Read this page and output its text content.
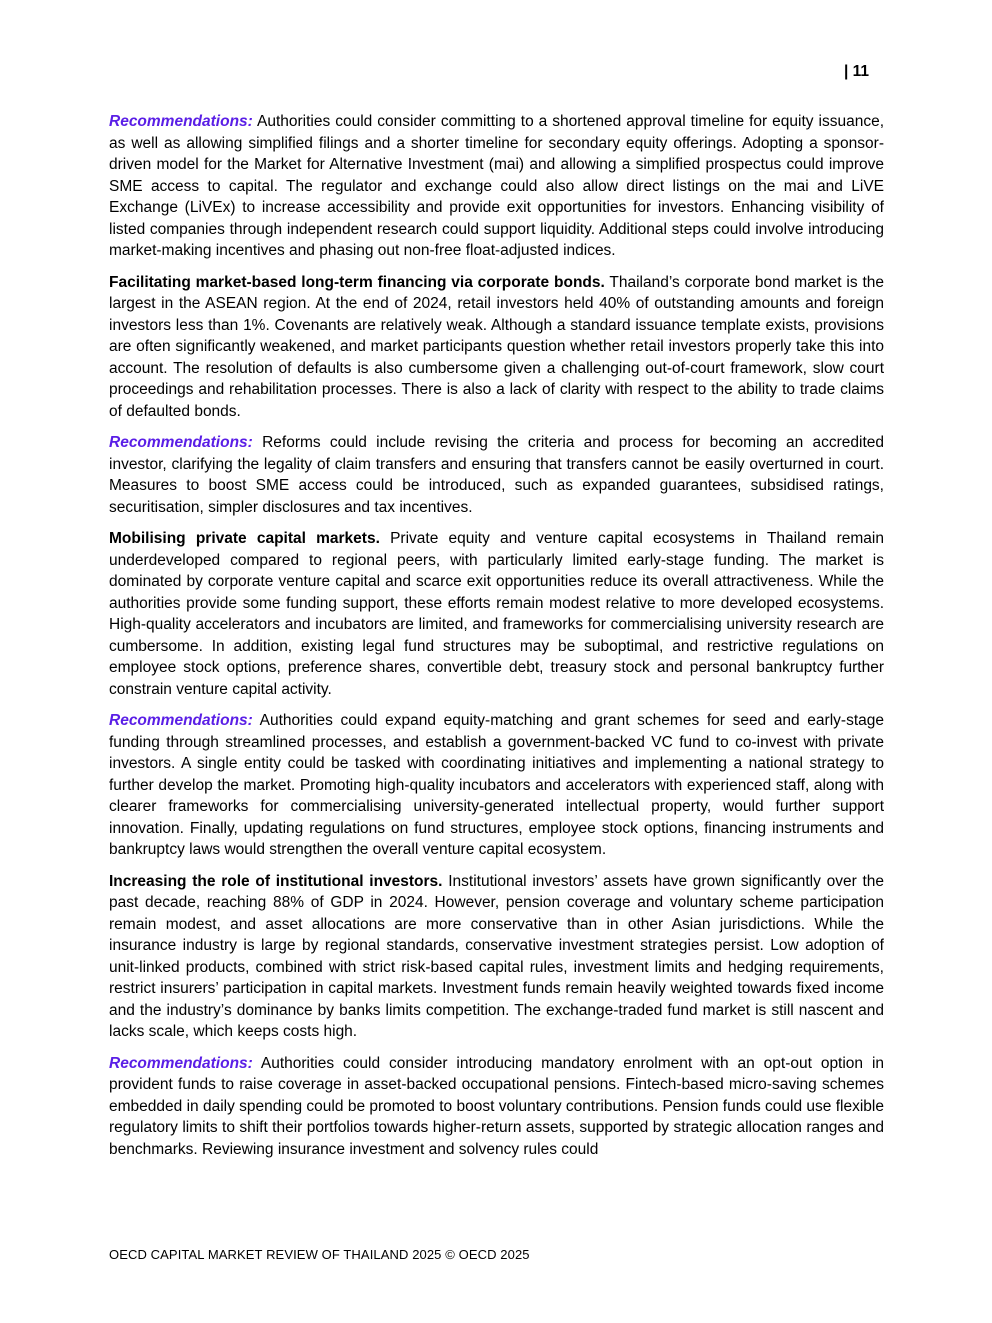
| 11

Recommendations: Authorities could consider committing to a shortened approval timeline for equity issuance, as well as allowing simplified filings and a shorter timeline for secondary equity offerings. Adopting a sponsor-driven model for the Market for Alternative Investment (mai) and allowing a simplified prospectus could improve SME access to capital. The regulator and exchange could also allow direct listings on the mai and LiVE Exchange (LiVEx) to increase accessibility and provide exit opportunities for investors. Enhancing visibility of listed companies through independent research could support liquidity. Additional steps could involve introducing market-making incentives and phasing out non-free float-adjusted indices.

Facilitating market-based long-term financing via corporate bonds. Thailand’s corporate bond market is the largest in the ASEAN region. At the end of 2024, retail investors held 40% of outstanding amounts and foreign investors less than 1%. Covenants are relatively weak. Although a standard issuance template exists, provisions are often significantly weakened, and market participants question whether retail investors properly take this into account. The resolution of defaults is also cumbersome given a challenging out-of-court framework, slow court proceedings and rehabilitation processes. There is also a lack of clarity with respect to the ability to trade claims of defaulted bonds.

Recommendations: Reforms could include revising the criteria and process for becoming an accredited investor, clarifying the legality of claim transfers and ensuring that transfers cannot be easily overturned in court. Measures to boost SME access could be introduced, such as expanded guarantees, subsidised ratings, securitisation, simpler disclosures and tax incentives.

Mobilising private capital markets. Private equity and venture capital ecosystems in Thailand remain underdeveloped compared to regional peers, with particularly limited early-stage funding. The market is dominated by corporate venture capital and scarce exit opportunities reduce its overall attractiveness. While the authorities provide some funding support, these efforts remain modest relative to more developed ecosystems. High-quality accelerators and incubators are limited, and frameworks for commercialising university research are cumbersome. In addition, existing legal fund structures may be suboptimal, and restrictive regulations on employee stock options, preference shares, convertible debt, treasury stock and personal bankruptcy further constrain venture capital activity.

Recommendations: Authorities could expand equity-matching and grant schemes for seed and early-stage funding through streamlined processes, and establish a government-backed VC fund to co-invest with private investors. A single entity could be tasked with coordinating initiatives and implementing a national strategy to further develop the market. Promoting high-quality incubators and accelerators with experienced staff, along with clearer frameworks for commercialising university-generated intellectual property, would further support innovation. Finally, updating regulations on fund structures, employee stock options, financing instruments and bankruptcy laws would strengthen the overall venture capital ecosystem.

Increasing the role of institutional investors. Institutional investors’ assets have grown significantly over the past decade, reaching 88% of GDP in 2024. However, pension coverage and voluntary scheme participation remain modest, and asset allocations are more conservative than in other Asian jurisdictions. While the insurance industry is large by regional standards, conservative investment strategies persist. Low adoption of unit-linked products, combined with strict risk-based capital rules, investment limits and hedging requirements, restrict insurers’ participation in capital markets. Investment funds remain heavily weighted towards fixed income and the industry’s dominance by banks limits competition. The exchange-traded fund market is still nascent and lacks scale, which keeps costs high.

Recommendations: Authorities could consider introducing mandatory enrolment with an opt-out option in provident funds to raise coverage in asset-backed occupational pensions. Fintech-based micro-saving schemes embedded in daily spending could be promoted to boost voluntary contributions. Pension funds could use flexible regulatory limits to shift their portfolios towards higher-return assets, supported by strategic allocation ranges and benchmarks. Reviewing insurance investment and solvency rules could

OECD CAPITAL MARKET REVIEW OF THAILAND 2025 © OECD 2025
